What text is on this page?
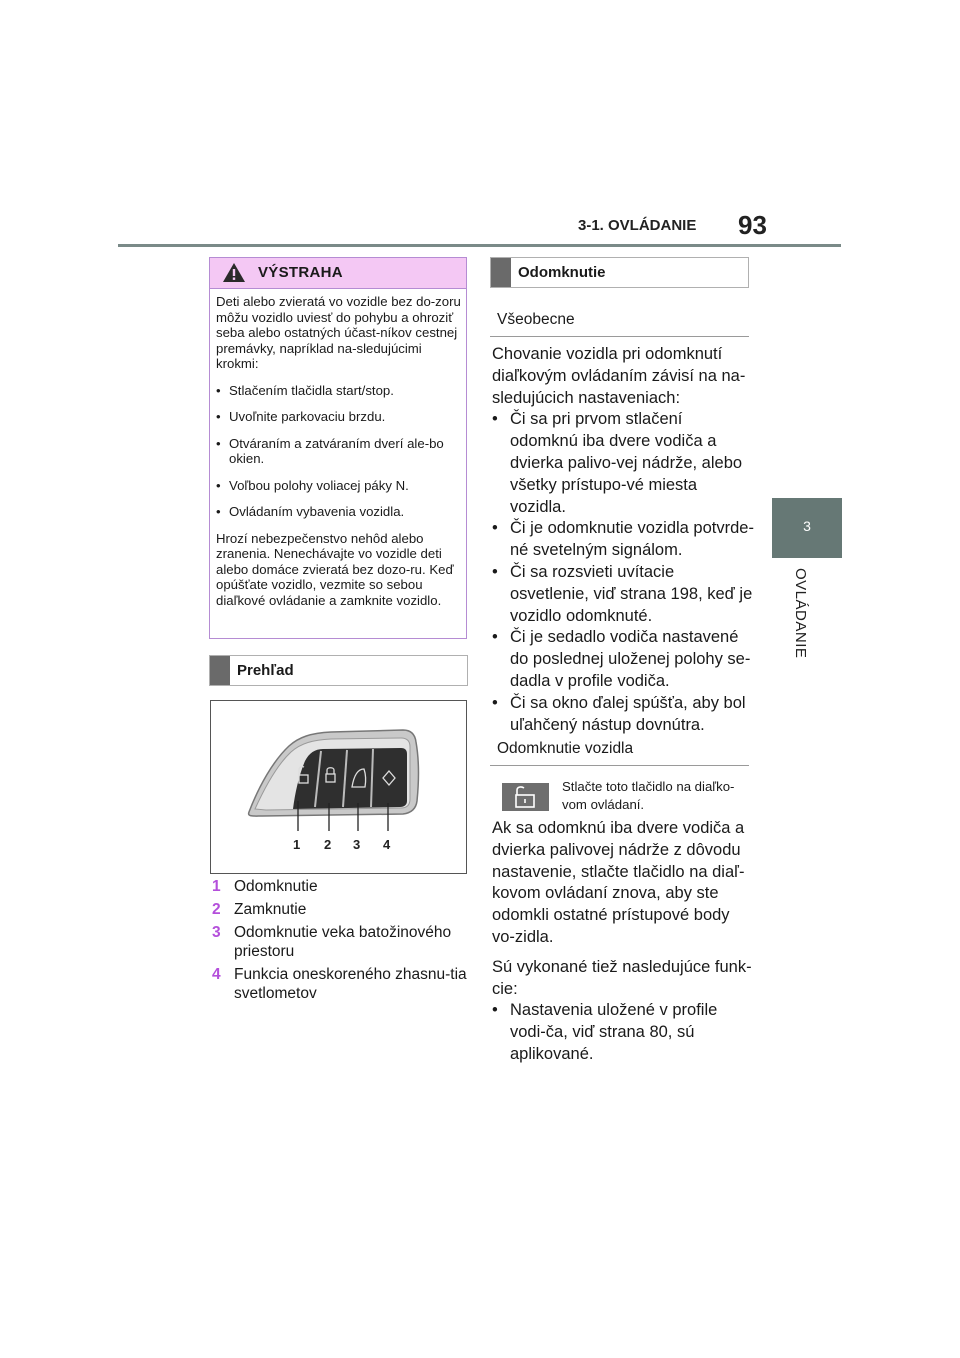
3-1. OVLÁDANIE 93
3
OVLÁDANIE
VÝSTRAHA

Deti alebo zvieratá vo vozidle bez do-zoru môžu vozidlo uviesť do pohybu a ohroziť seba alebo ostatných účast-níkov cestnej premávky, napríklad na-sledujúcimi krokmi:

• Stlačením tlačidla start/stop.
• Uvoľnite parkovaciu brzdu.
• Otváraním a zatváraním dverí ale-bo okien.
• Voľbou polohy voliacej páky N.
• Ovládaním vybavenia vozidla.

Hrozí nebezpečenstvo nehôd alebo zranenia. Nenechávajte vo vozidle deti alebo domáce zvieratá bez dozo-ru. Keď opúšťate vozidlo, vezmite so sebou diaľkové ovládanie a zamknite vozidlo.

Prehľad
1 2 3 4
1 Odomknutie
2 Zamknutie
3 Odomknutie veka batožinového priestoru
4 Funkcia oneskoreného zhasnu-tia svetlometov
Odomknutie
Všeobecne
Chovanie vozidla pri odomknutí diaľkovým ovládaním závisí na na-sledujúcich nastaveniach:
• Či sa pri prvom stlačení odomknú iba dvere vodiča a dvierka palivo-vej nádrže, alebo všetky prístupo-vé miesta vozidla.
• Či je odomknutie vozidla potvrde-né svetelným signálom.
• Či sa rozsvieti uvítacie osvetlenie, viď strana 198, keď je vozidlo odomknuté.
• Či je sedadlo vodiča nastavené do poslednej uloženej polohy se-dadla v profile vodiča.
• Či sa okno ďalej spúšťa, aby bol uľahčený nástup dovnútra.
Odomknutie vozidla
Stlačte toto tlačidlo na diaľko-vom ovládaní.

Ak sa odomknú iba dvere vodiča a dvierka palivovej nádrže z dôvodu nastavenie, stlačte tlačidlo na diaľ-kovom ovládaní znova, aby ste odomkli ostatné prístupové body vo-zidla.

Sú vykonané tiež nasledujúce funk-cie:
• Nastavenia uložené v profile vodi-ča, viď strana 80, sú aplikované.
